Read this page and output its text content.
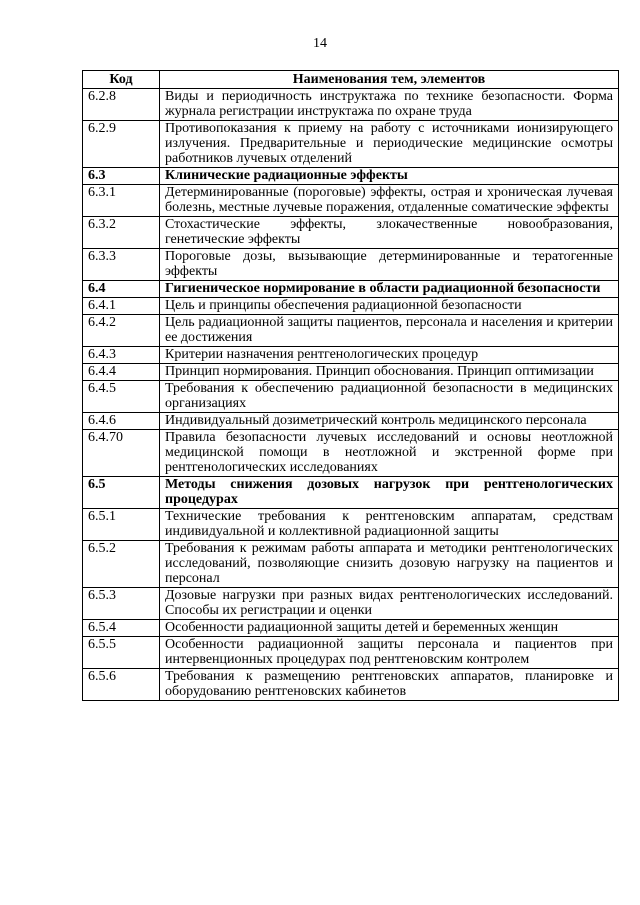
14
Код	Наименования тем, элементов
6.2.8	Виды и периодичность инструктажа по технике безопасности. Форма журнала регистрации инструктажа по охране труда
6.2.9	Противопоказания к приему на работу с источниками ионизирующего излучения. Предварительные и периодические медицинские осмотры работников лучевых отделений
6.3	Клинические радиационные эффекты
6.3.1	Детерминированные (пороговые) эффекты, острая и хроническая лучевая болезнь, местные лучевые поражения, отдаленные соматические эффекты
6.3.2	Стохастические эффекты, злокачественные новообразования, генетические эффекты
6.3.3	Пороговые дозы, вызывающие детерминированные и тератогенные эффекты
6.4	Гигиеническое нормирование в области радиационной безопасности
6.4.1	Цель и принципы обеспечения радиационной безопасности
6.4.2	Цель радиационной защиты пациентов, персонала и населения и критерии ее достижения
6.4.3	Критерии назначения рентгенологических процедур
6.4.4	Принцип нормирования. Принцип обоснования. Принцип оптимизации
6.4.5	Требования к обеспечению радиационной безопасности в медицинских организациях
6.4.6	Индивидуальный дозиметрический контроль медицинского персонала
6.4.70	Правила безопасности лучевых исследований и основы неотложной медицинской помощи в неотложной и экстренной форме при рентгенологических исследованиях
6.5	Методы снижения дозовых нагрузок при рентгенологических процедурах
6.5.1	Технические требования к рентгеновским аппаратам, средствам индивидуальной и коллективной радиационной защиты
6.5.2	Требования к режимам работы аппарата и методики рентгенологических исследований, позволяющие снизить дозовую нагрузку на пациентов и персонал
6.5.3	Дозовые нагрузки при разных видах рентгенологических исследований. Способы их регистрации и оценки
6.5.4	Особенности радиационной защиты детей и беременных женщин
6.5.5	Особенности радиационной защиты персонала и пациентов при интервенционных процедурах под рентгеновским контролем
6.5.6	Требования к размещению рентгеновских аппаратов, планировке и оборудованию рентгеновских кабинетов
